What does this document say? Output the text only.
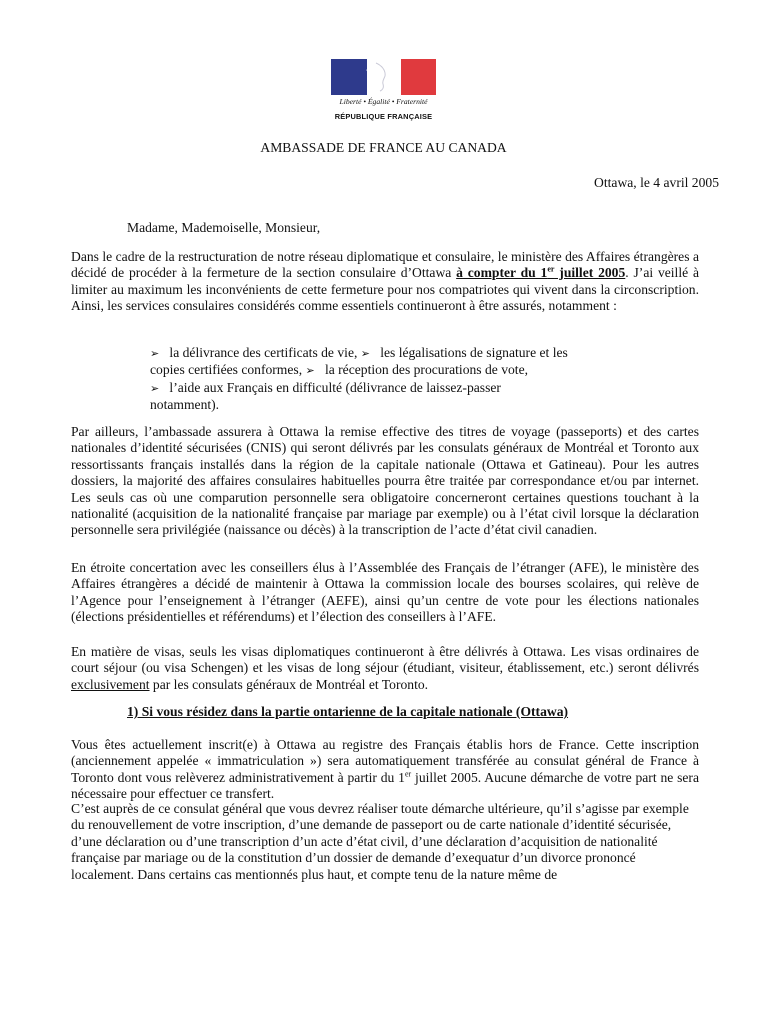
Liberté • Égalité • Fraternité
RÉPUBLIQUE FRANÇAISE
AMBASSADE DE FRANCE AU CANADA
Ottawa, le 4 avril 2005
Madame, Mademoiselle, Monsieur,

Dans le cadre de la restructuration de notre réseau diplomatique et consulaire, le ministère des Affaires étrangères a décidé de procéder à la fermeture de la section consulaire d’Ottawa à compter du 1er juillet 2005. J’ai veillé à limiter au maximum les inconvénients de cette fermeture pour nos compatriotes qui vivent dans la circonscription. Ainsi, les services consulaires considérés comme essentiels continueront à être assurés, notamment :

➢ la délivrance des certificats de vie, ➢ les légalisations de signature et les
copies certifiées conformes, ➢ la réception des procurations de vote,
➢ l’aide aux Français en difficulté (délivrance de laissez-passer
notamment).

Par ailleurs, l’ambassade assurera à Ottawa la remise effective des titres de voyage (passeports) et des cartes nationales d’identité sécurisées (CNIS) qui seront délivrés par les consulats généraux de Montréal et Toronto aux ressortissants français installés dans la région de la capitale nationale (Ottawa et Gatineau). Pour les autres dossiers, la majorité des affaires consulaires habituelles pourra être traitée par correspondance et/ou par internet. Les seuls cas où une comparution personnelle sera obligatoire concerneront certaines questions touchant à la nationalité (acquisition de la nationalité française par mariage par exemple) ou à l’état civil lorsque la déclaration personnelle sera privilégiée (naissance ou décès) à la transcription de l’acte d’état civil canadien.

En étroite concertation avec les conseillers élus à l’Assemblée des Français de l’étranger (AFE), le ministère des Affaires étrangères a décidé de maintenir à Ottawa la commission locale des bourses scolaires, qui relève de l’Agence pour l’enseignement à l’étranger (AEFE), ainsi qu’un centre de vote pour les élections nationales (élections présidentielles et référendums) et l’élection des conseillers à l’AFE.

En matière de visas, seuls les visas diplomatiques continueront à être délivrés à Ottawa. Les visas ordinaires de court séjour (ou visa Schengen) et les visas de long séjour (étudiant, visiteur, établissement, etc.) seront délivrés exclusivement par les consulats généraux de Montréal et Toronto.

1) Si vous résidez dans la partie ontarienne de la capitale nationale (Ottawa)

Vous êtes actuellement inscrit(e) à Ottawa au registre des Français établis hors de France. Cette inscription (anciennement appelée « immatriculation ») sera automatiquement transférée au consulat général de France à Toronto dont vous relèverez administrativement à partir du 1er juillet 2005. Aucune démarche de votre part ne sera nécessaire pour effectuer ce transfert.

C’est auprès de ce consulat général que vous devrez réaliser toute démarche ultérieure, qu’il s’agisse par exemple du renouvellement de votre inscription, d’une demande de passeport ou de carte nationale d’identité sécurisée, d’une déclaration ou d’une transcription d’un acte d’état civil, d’une déclaration d’acquisition de nationalité française par mariage ou de la constitution d’un dossier de demande d’exequatur d’un divorce prononcé localement. Dans certains cas mentionnés plus haut, et compte tenu de la nature même de
